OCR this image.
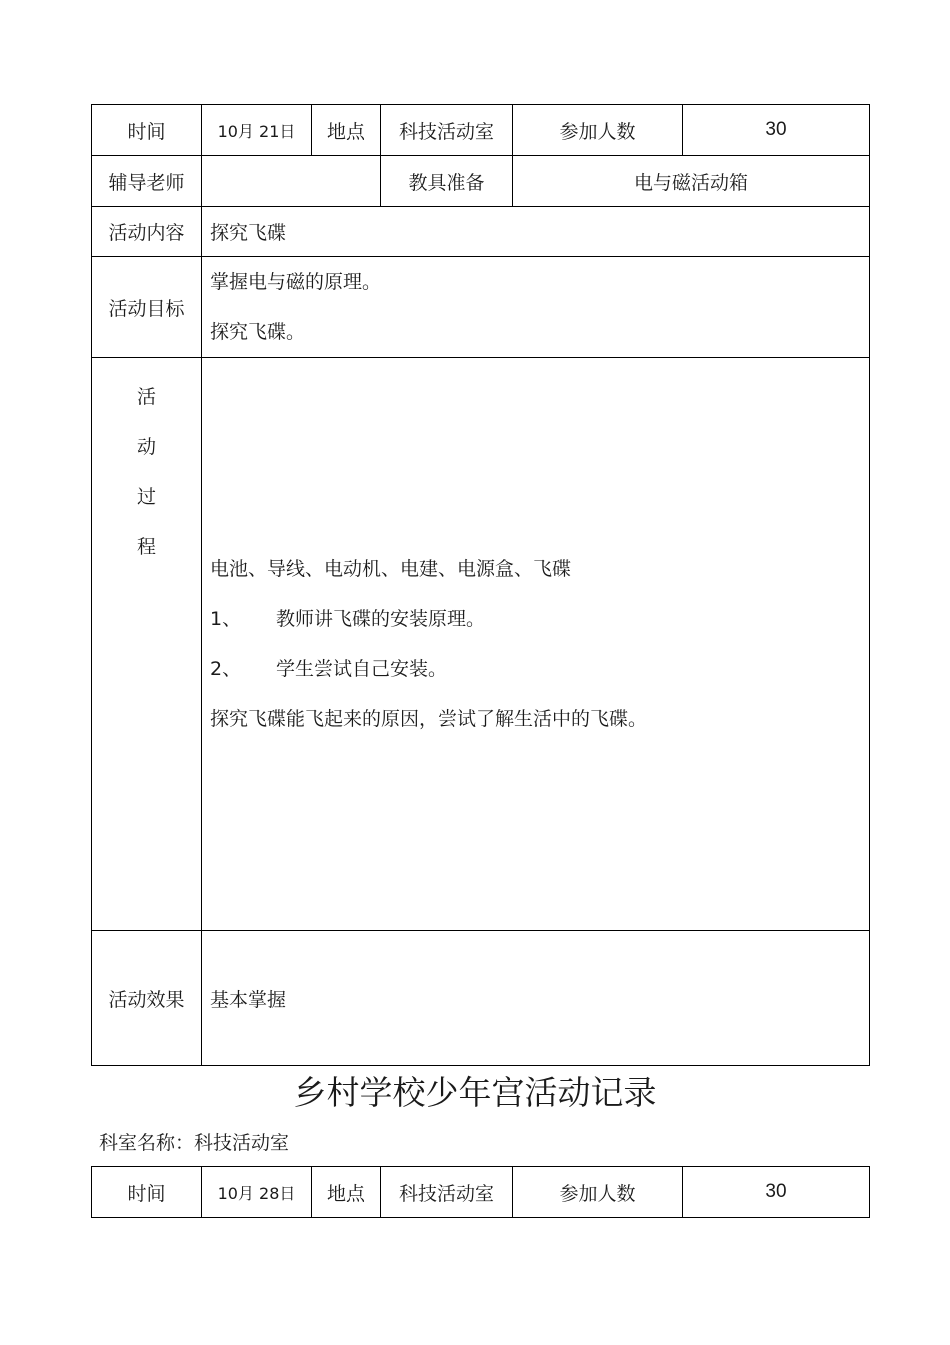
时间	10月 21日	地点	科技活动室	参加人数	30
辅导老师			教具准备	电与磁活动箱	
活动内容	探究飞碟				
活动目标	掌握电与磁的原理。
探究飞碟。				

活
动
过
程	电池、导线、电动机、电建、电源盒、飞碟
1、 教师讲飞碟的安装原理。
2、 学生尝试自己安装。
探究飞碟能飞起来的原因，尝试了解生活中的飞碟。				

活动效果	基本掌握				
乡村学校少年宫活动记录
科室名称：科技活动室
时间	10月 28日	地点	科技活动室	参加人数	30
